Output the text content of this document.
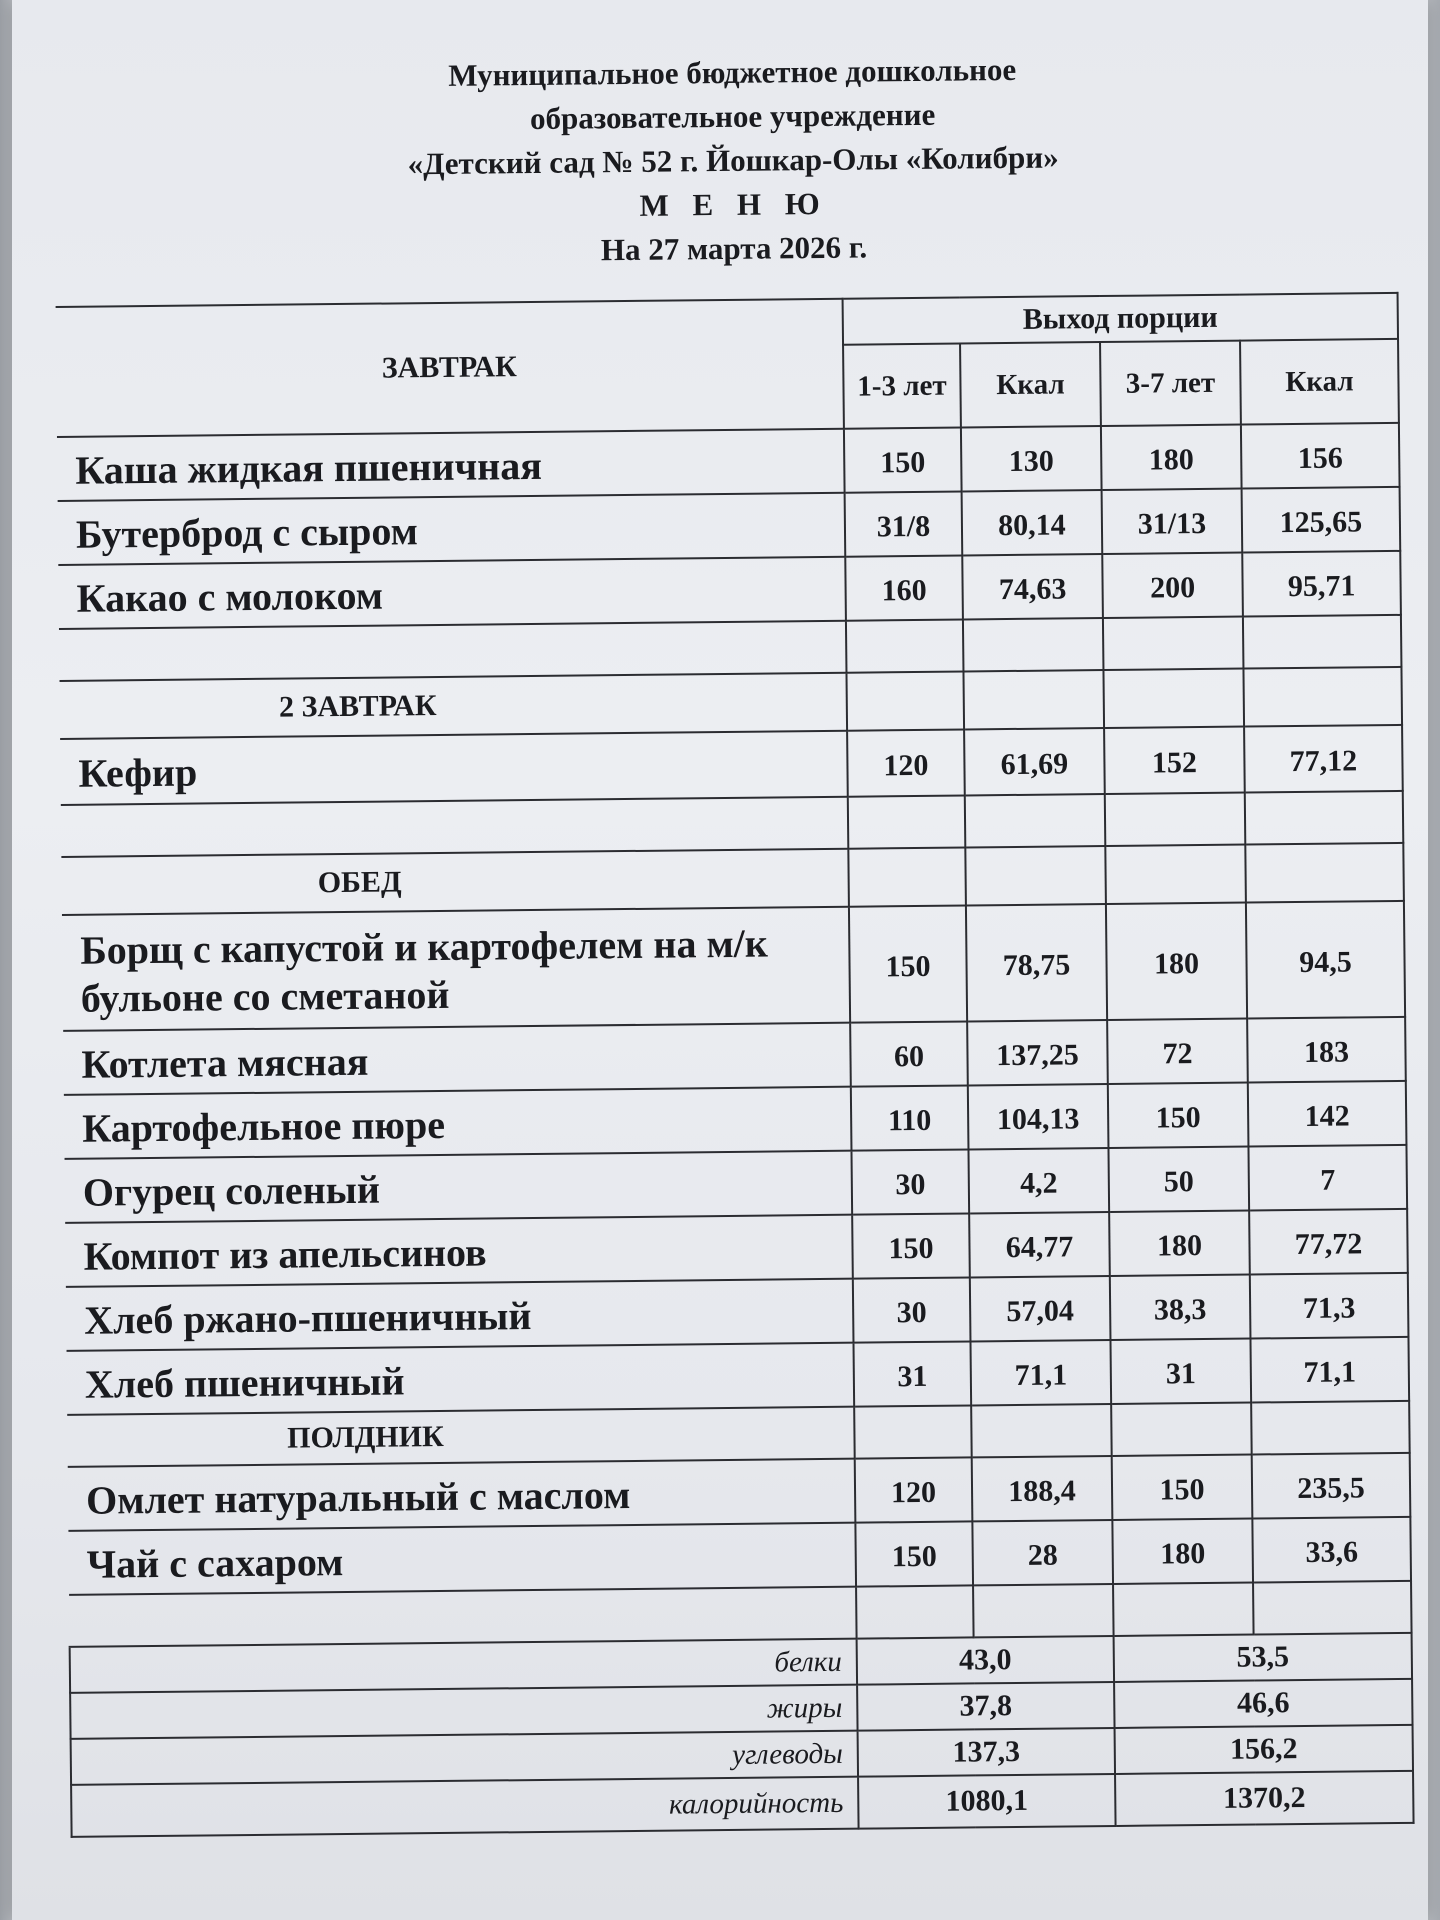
Муниципальное бюджетное дошкольное
образовательное учреждение
«Детский сад № 52 г. Йошкар-Олы «Колибри»
М Е Н Ю
На 27 марта 2026 г.
ЗАВТРАК	Выход порции			
	1-3 лет	Ккал	3-7 лет	Ккал
Каша жидкая пшеничная	150	130	180	156
Бутерброд с сыром	31/8	80,14	31/13	125,65
Какао с молоком	160	74,63	200	95,71

2 ЗАВТРАК				
Кефир	120	61,69	152	77,12

ОБЕД				
Борщ с капустой и картофелем на м/к бульоне со сметаной	150	78,75	180	94,5
Котлета мясная	60	137,25	72	183
Картофельное пюре	110	104,13	150	142
Огурец соленый	30	4,2	50	7
Компот из апельсинов	150	64,77	180	77,72
Хлеб ржано-пшеничный	30	57,04	38,3	71,3
Хлеб пшеничный	31	71,1	31	71,1
ПОЛДНИК				
Омлет натуральный с маслом	120	188,4	150	235,5
Чай с сахаром	150	28	180	33,6

белки	43,0		53,5	
жиры	37,8		46,6	
углеводы	137,3		156,2	
калорийность	1080,1		1370,2	
